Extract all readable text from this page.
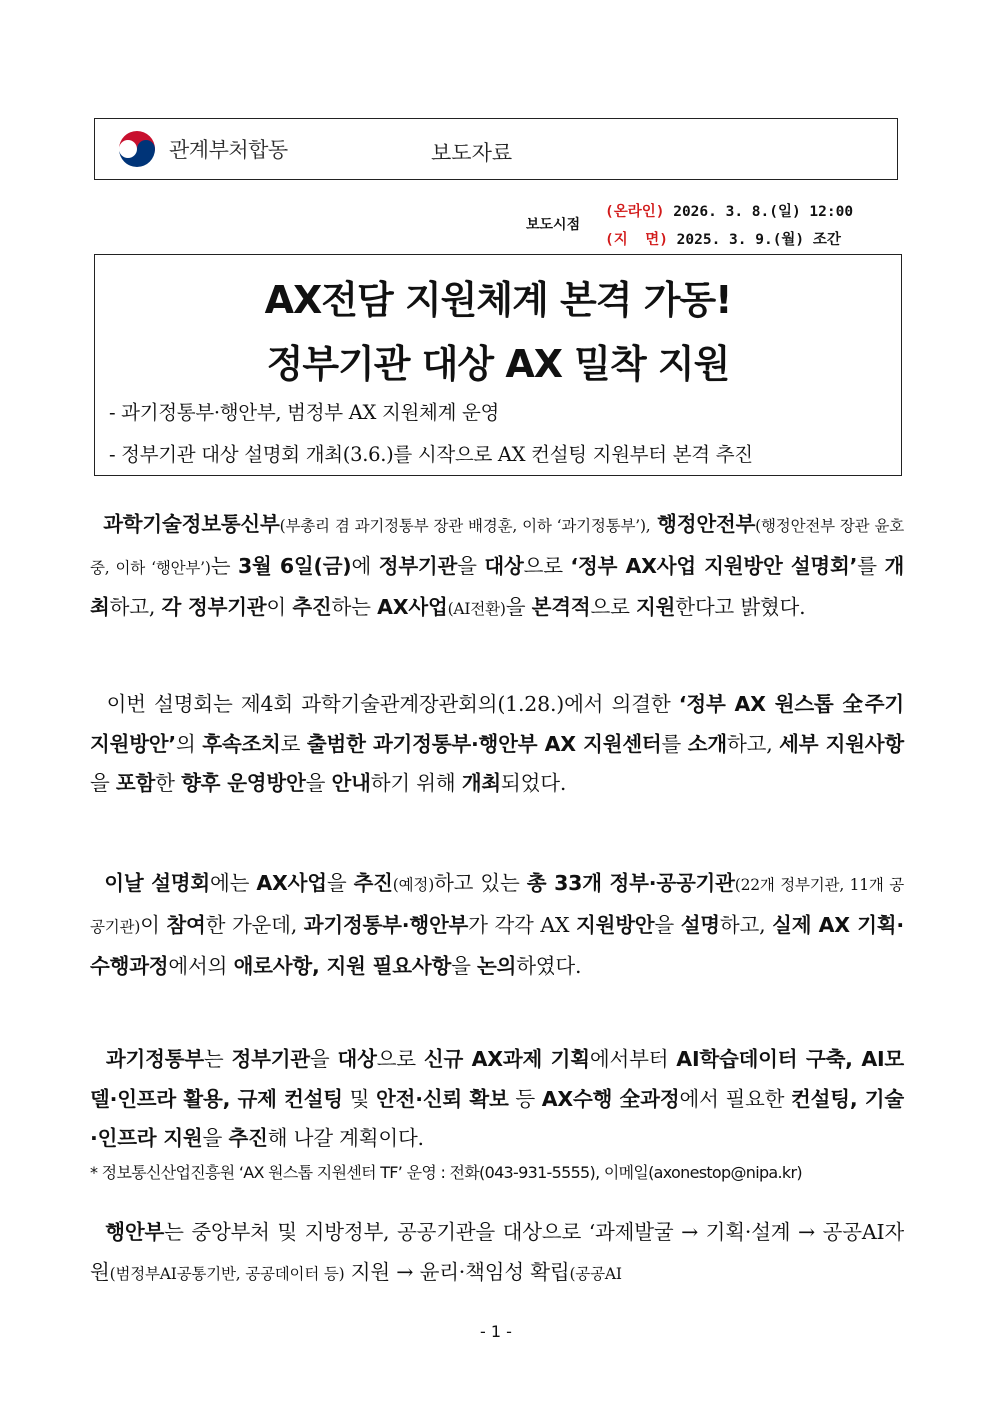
관계부처합동	보도자료
보도시점
(온라인) 2026. 3. 8.(일) 12:00
(지  면) 2025. 3. 9.(월) 조간
AX전담 지원체계 본격 가동!
정부기관 대상 AX 밀착 지원
- 과기정통부·행안부, 범정부 AX 지원체계 운영
- 정부기관 대상 설명회 개최(3.6.)를 시작으로 AX 컨설팅 지원부터 본격 추진
과학기술정보통신부(부총리 겸 과기정통부 장관 배경훈, 이하 ‘과기정통부’), 행정안전부(행정안전부 장관 윤호중, 이하 ‘행안부’)는 3월 6일(금)에 정부기관을 대상으로 ‘정부 AX사업 지원방안 설명회’를 개최하고, 각 정부기관이 추진하는 AX사업(AI전환)을 본격적으로 지원한다고 밝혔다.
이번 설명회는 제4회 과학기술관계장관회의(1.28.)에서 의결한 ‘정부 AX 원스톱 全주기 지원방안’의 후속조치로 출범한 과기정통부·행안부 AX 지원센터를 소개하고, 세부 지원사항을 포함한 향후 운영방안을 안내하기 위해 개최되었다.
이날 설명회에는 AX사업을 추진(예정)하고 있는 총 33개 정부·공공기관(22개 정부기관, 11개 공공기관)이 참여한 가운데, 과기정통부·행안부가 각각 AX 지원방안을 설명하고, 실제 AX 기획·수행과정에서의 애로사항, 지원 필요사항을 논의하였다.
과기정통부는 정부기관을 대상으로 신규 AX과제 기획에서부터 AI학습데이터 구축, AI모델·인프라 활용, 규제 컨설팅 및 안전·신뢰 확보 등 AX수행 全과정에서 필요한 컨설팅, 기술·인프라 지원을 추진해 나갈 계획이다.
* 정보통신산업진흥원 ‘AX 원스톱 지원센터 TF’ 운영 : 전화(043-931-5555), 이메일(axonestop@nipa.kr)
행안부는 중앙부처 및 지방정부, 공공기관을 대상으로 ‘과제발굴 → 기획·설계 → 공공AI자원(범정부AI공통기반, 공공데이터 등) 지원 → 윤리·책임성 확립(공공AI
- 1 -
